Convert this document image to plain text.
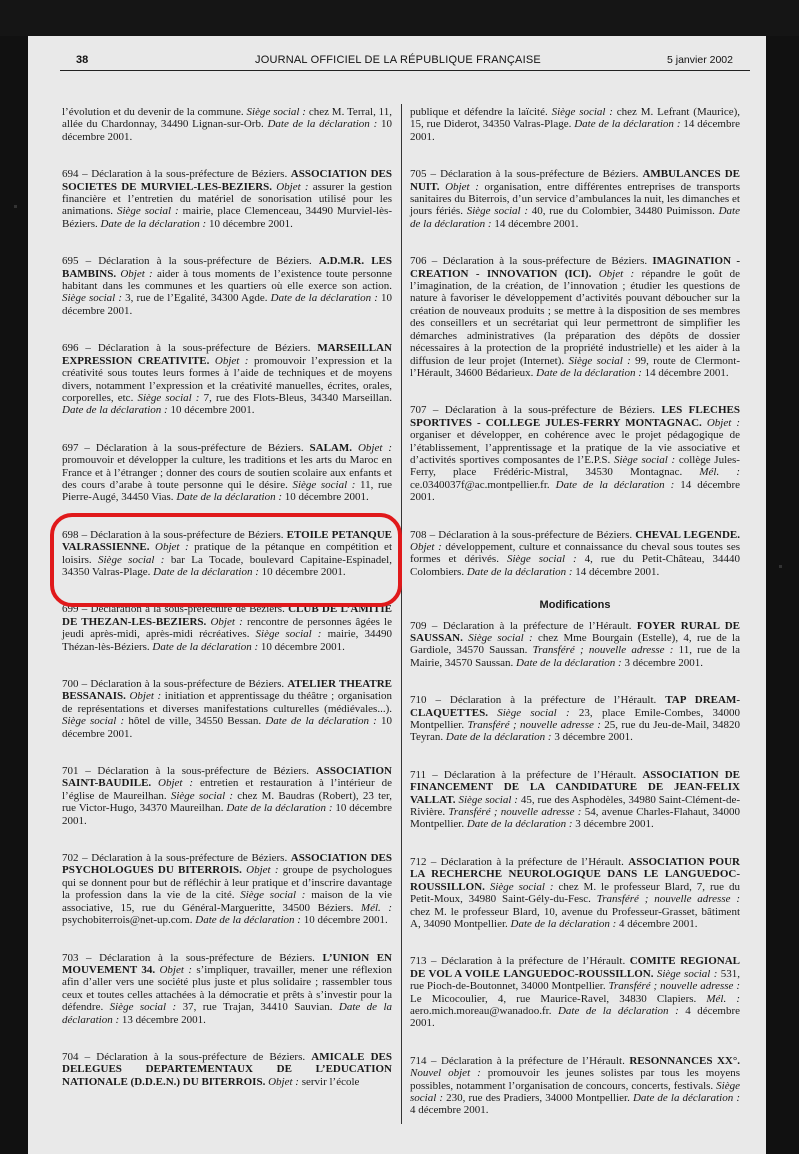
38	JOURNAL OFFICIEL DE LA RÉPUBLIQUE FRANÇAISE	5 janvier 2002
l’évolution et du devenir de la commune. Siège social : chez M. Terral, 11, allée du Chardonnay, 34490 Lignan-sur-Orb. Date de la déclaration : 10 décembre 2001.
694 – Déclaration à la sous-préfecture de Béziers. ASSOCIATION DES SOCIETES DE MURVIEL-LES-BEZIERS. Objet : assurer la gestion financière et l’entretien du matériel de sonorisation utilisé pour les animations. Siège social : mairie, place Clemenceau, 34490 Murviel-lès-Béziers. Date de la déclaration : 10 décembre 2001.
695 – Déclaration à la sous-préfecture de Béziers. A.D.M.R. LES BAMBINS. Objet : aider à tous moments de l’existence toute personne habitant dans les communes et les quartiers où elle exerce son action. Siège social : 3, rue de l’Egalité, 34300 Agde. Date de la déclaration : 10 décembre 2001.
696 – Déclaration à la sous-préfecture de Béziers. MARSEILLAN EXPRESSION CREATIVITE. Objet : promouvoir l’expression et la créativité sous toutes leurs formes à l’aide de techniques et de moyens divers, notamment l’expression et la créativité manuelles, écrites, orales, corporelles, etc. Siège social : 7, rue des Flots-Bleus, 34340 Marseillan. Date de la déclaration : 10 décembre 2001.
697 – Déclaration à la sous-préfecture de Béziers. SALAM. Objet : promouvoir et développer la culture, les traditions et les arts du Maroc en France et à l’étranger ; donner des cours de soutien scolaire aux enfants et des cours d’arabe à toute personne qui le désire. Siège social : 11, rue Pierre-Augé, 34450 Vias. Date de la déclaration : 10 décembre 2001.
698 – Déclaration à la sous-préfecture de Béziers. ETOILE PETANQUE VALRASSIENNE. Objet : pratique de la pétanque en compétition et loisirs. Siège social : bar La Tocade, boulevard Capitaine-Espinadel, 34350 Valras-Plage. Date de la déclaration : 10 décembre 2001.
699 – Déclaration à la sous-préfecture de Béziers. CLUB DE L’AMITIE DE THEZAN-LES-BEZIERS. Objet : rencontre de personnes âgées le jeudi après-midi, après-midi récréatives. Siège social : mairie, 34490 Thézan-lès-Béziers. Date de la déclaration : 10 décembre 2001.
700 – Déclaration à la sous-préfecture de Béziers. ATELIER THEATRE BESSANAIS. Objet : initiation et apprentissage du théâtre ; organisation de représentations et diverses manifestations culturelles (médiévales...). Siège social : hôtel de ville, 34550 Bessan. Date de la déclaration : 10 décembre 2001.
701 – Déclaration à la sous-préfecture de Béziers. ASSOCIATION SAINT-BAUDILE. Objet : entretien et restauration à l’intérieur de l’église de Maureilhan. Siège social : chez M. Baudras (Robert), 23 ter, rue Victor-Hugo, 34370 Maureilhan. Date de la déclaration : 10 décembre 2001.
702 – Déclaration à la sous-préfecture de Béziers. ASSOCIATION DES PSYCHOLOGUES DU BITERROIS. Objet : groupe de psychologues qui se donnent pour but de réfléchir à leur pratique et d’inscrire davantage la profession dans la vie de la cité. Siège social : maison de la vie associative, 15, rue du Général-Margueritte, 34500 Béziers. Mél. : psychobiterrois@net-up.com. Date de la déclaration : 10 décembre 2001.
703 – Déclaration à la sous-préfecture de Béziers. L’UNION EN MOUVEMENT 34. Objet : s’impliquer, travailler, mener une réflexion afin d’aller vers une société plus juste et plus solidaire ; rassembler tous ceux et toutes celles attachées à la démocratie et prêts à s’investir pour la défendre. Siège social : 37, rue Trajan, 34410 Sauvian. Date de la déclaration : 13 décembre 2001.
704 – Déclaration à la sous-préfecture de Béziers. AMICALE DES DELEGUES DEPARTEMENTAUX DE L’EDUCATION NATIONALE (D.D.E.N.) DU BITERROIS. Objet : servir l’école
publique et défendre la laïcité. Siège social : chez M. Lefrant (Maurice), 15, rue Diderot, 34350 Valras-Plage. Date de la déclaration : 14 décembre 2001.
705 – Déclaration à la sous-préfecture de Béziers. AMBULANCES DE NUIT. Objet : organisation, entre différentes entreprises de transports sanitaires du Biterrois, d’un service d’ambulances la nuit, les dimanches et jours fériés. Siège social : 40, rue du Colombier, 34480 Puimisson. Date de la déclaration : 14 décembre 2001.
706 – Déclaration à la sous-préfecture de Béziers. IMAGINATION - CREATION - INNOVATION (ICI). Objet : répandre le goût de l’imagination, de la création, de l’innovation ; étudier les questions de nature à favoriser le développement d’activités pouvant déboucher sur la création de nouveaux produits ; se mettre à la disposition de ses membres des conseillers et un secrétariat qui leur permettront de simplifier les démarches administratives (la préparation des dépôts de dossier nécessaires à la protection de la propriété industrielle) et les aider à la diffusion de leur projet (Internet). Siège social : 99, route de Clermont-l’Hérault, 34600 Bédarieux. Date de la déclaration : 14 décembre 2001.
707 – Déclaration à la sous-préfecture de Béziers. LES FLECHES SPORTIVES - COLLEGE JULES-FERRY MONTAGNAC. Objet : organiser et développer, en cohérence avec le projet pédagogique de l’établissement, l’apprentissage et la pratique de la vie associative et d’activités sportives composantes de l’E.P.S. Siège social : collège Jules-Ferry, place Frédéric-Mistral, 34530 Montagnac. Mél. : ce.0340037f@ac.montpellier.fr. Date de la déclaration : 14 décembre 2001.
708 – Déclaration à la sous-préfecture de Béziers. CHEVAL LEGENDE. Objet : développement, culture et connaissance du cheval sous toutes ses formes et dérivés. Siège social : 4, rue du Petit-Château, 34440 Colombiers. Date de la déclaration : 14 décembre 2001.
Modifications
709 – Déclaration à la préfecture de l’Hérault. FOYER RURAL DE SAUSSAN. Siège social : chez Mme Bourgain (Estelle), 4, rue de la Gardiole, 34570 Saussan. Transféré ; nouvelle adresse : 11, rue de la Mairie, 34570 Saussan. Date de la déclaration : 3 décembre 2001.
710 – Déclaration à la préfecture de l’Hérault. TAP DREAM-CLAQUETTES. Siège social : 23, place Emile-Combes, 34000 Montpellier. Transféré ; nouvelle adresse : 25, rue du Jeu-de-Mail, 34820 Teyran. Date de la déclaration : 3 décembre 2001.
711 – Déclaration à la préfecture de l’Hérault. ASSOCIATION DE FINANCEMENT DE LA CANDIDATURE DE JEAN-FELIX VALLAT. Siège social : 45, rue des Asphodèles, 34980 Saint-Clément-de-Rivière. Transféré ; nouvelle adresse : 54, avenue Charles-Flahaut, 34000 Montpellier. Date de la déclaration : 3 décembre 2001.
712 – Déclaration à la préfecture de l’Hérault. ASSOCIATION POUR LA RECHERCHE NEUROLOGIQUE DANS LE LANGUEDOC-ROUSSILLON. Siège social : chez M. le professeur Blard, 7, rue du Petit-Moux, 34980 Saint-Gély-du-Fesc. Transféré ; nouvelle adresse : chez M. le professeur Blard, 10, avenue du Professeur-Grasset, bâtiment A, 34090 Montpellier. Date de la déclaration : 4 décembre 2001.
713 – Déclaration à la préfecture de l’Hérault. COMITE REGIONAL DE VOL A VOILE LANGUEDOC-ROUSSILLON. Siège social : 531, rue Pioch-de-Boutonnet, 34000 Montpellier. Transféré ; nouvelle adresse : Le Micocoulier, 4, rue Maurice-Ravel, 34830 Clapiers. Mél. : aero.mich.moreau@wanadoo.fr. Date de la déclaration : 4 décembre 2001.
714 – Déclaration à la préfecture de l’Hérault. RESONNANCES XX°. Nouvel objet : promouvoir les jeunes solistes par tous les moyens possibles, notamment l’organisation de concours, concerts, festivals. Siège social : 230, rue des Pradiers, 34000 Montpellier. Date de la déclaration : 4 décembre 2001.
